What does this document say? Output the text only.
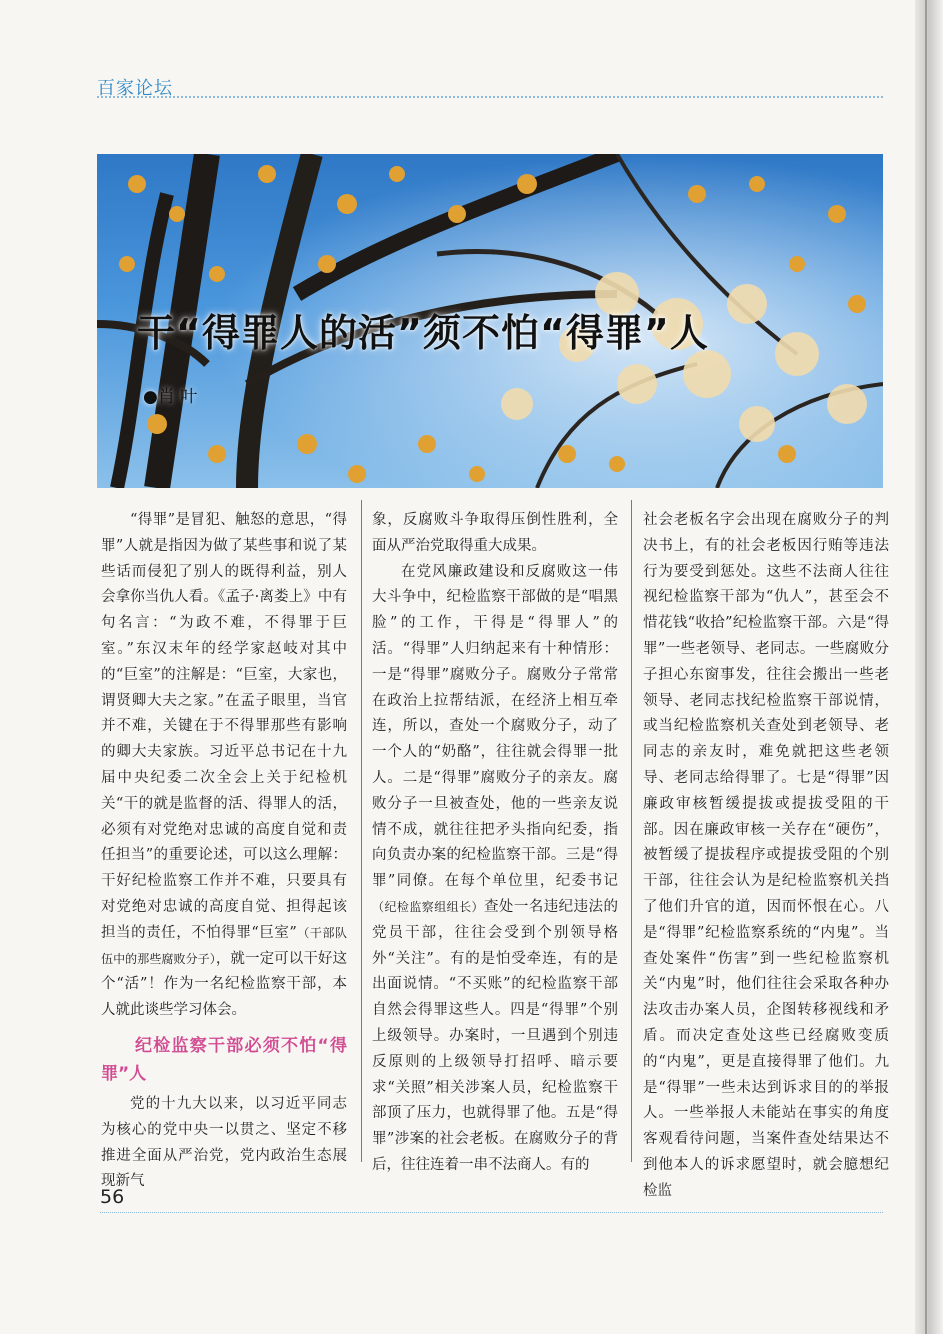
百家论坛
干“得罪人的活”须不怕“得罪”人
●肖 叶

“得罪”是冒犯、触怒的意思，“得罪”人就是指因为做了某些事和说了某些话而侵犯了别人的既得利益，别人会拿你当仇人看。《孟子·离娄上》中有句名言：“为政不难，不得罪于巨室。”东汉末年的经学家赵岐对其中的“巨室”的注解是：“巨室，大家也，谓贤卿大夫之家。”在孟子眼里，当官并不难，关键在于不得罪那些有影响的卿大夫家族。习近平总书记在十九届中央纪委二次全会上关于纪检机关“干的就是监督的活、得罪人的活，必须有对党绝对忠诚的高度自觉和责任担当”的重要论述，可以这么理解：干好纪检监察工作并不难，只要具有对党绝对忠诚的高度自觉、担得起该担当的责任，不怕得罪“巨室”（干部队伍中的那些腐败分子），就一定可以干好这个“活”！作为一名纪检监察干部，本人就此谈些学习体会。

纪检监察干部必须不怕“得罪”人

党的十九大以来，以习近平同志为核心的党中央一以贯之、坚定不移推进全面从严治党，党内政治生态展现新气

象，反腐败斗争取得压倒性胜利，全面从严治党取得重大成果。

在党风廉政建设和反腐败这一伟大斗争中，纪检监察干部做的是“唱黑脸”的工作，干得是“得罪人”的活。“得罪”人归纳起来有十种情形：一是“得罪”腐败分子。腐败分子常常在政治上拉帮结派，在经济上相互牵连，所以，查处一个腐败分子，动了一个人的“奶酪”，往往就会得罪一批人。二是“得罪”腐败分子的亲友。腐败分子一旦被查处，他的一些亲友说情不成，就往往把矛头指向纪委，指向负责办案的纪检监察干部。三是“得罪”同僚。在每个单位里，纪委书记（纪检监察组组长）查处一名违纪违法的党员干部，往往会受到个别领导格外“关注”。有的是怕受牵连，有的是出面说情。“不买账”的纪检监察干部自然会得罪这些人。四是“得罪”个别上级领导。办案时，一旦遇到个别违反原则的上级领导打招呼、暗示要求“关照”相关涉案人员，纪检监察干部顶了压力，也就得罪了他。五是“得罪”涉案的社会老板。在腐败分子的背后，往往连着一串不法商人。有的

社会老板名字会出现在腐败分子的判决书上，有的社会老板因行贿等违法行为要受到惩处。这些不法商人往往视纪检监察干部为“仇人”，甚至会不惜花钱“收拾”纪检监察干部。六是“得罪”一些老领导、老同志。一些腐败分子担心东窗事发，往往会搬出一些老领导、老同志找纪检监察干部说情，或当纪检监察机关查处到老领导、老同志的亲友时，难免就把这些老领导、老同志给得罪了。七是“得罪”因廉政审核暂缓提拔或提拔受阻的干部。因在廉政审核一关存在“硬伤”，被暂缓了提拔程序或提拔受阻的个别干部，往往会认为是纪检监察机关挡了他们升官的道，因而怀恨在心。八是“得罪”纪检监察系统的“内鬼”。当查处案件“伤害”到一些纪检监察机关“内鬼”时，他们往往会采取各种办法攻击办案人员，企图转移视线和矛盾。而决定查处这些已经腐败变质的“内鬼”，更是直接得罪了他们。九是“得罪”一些未达到诉求目的的举报人。一些举报人未能站在事实的角度客观看待问题，当案件查处结果达不到他本人的诉求愿望时，就会臆想纪检监

56
